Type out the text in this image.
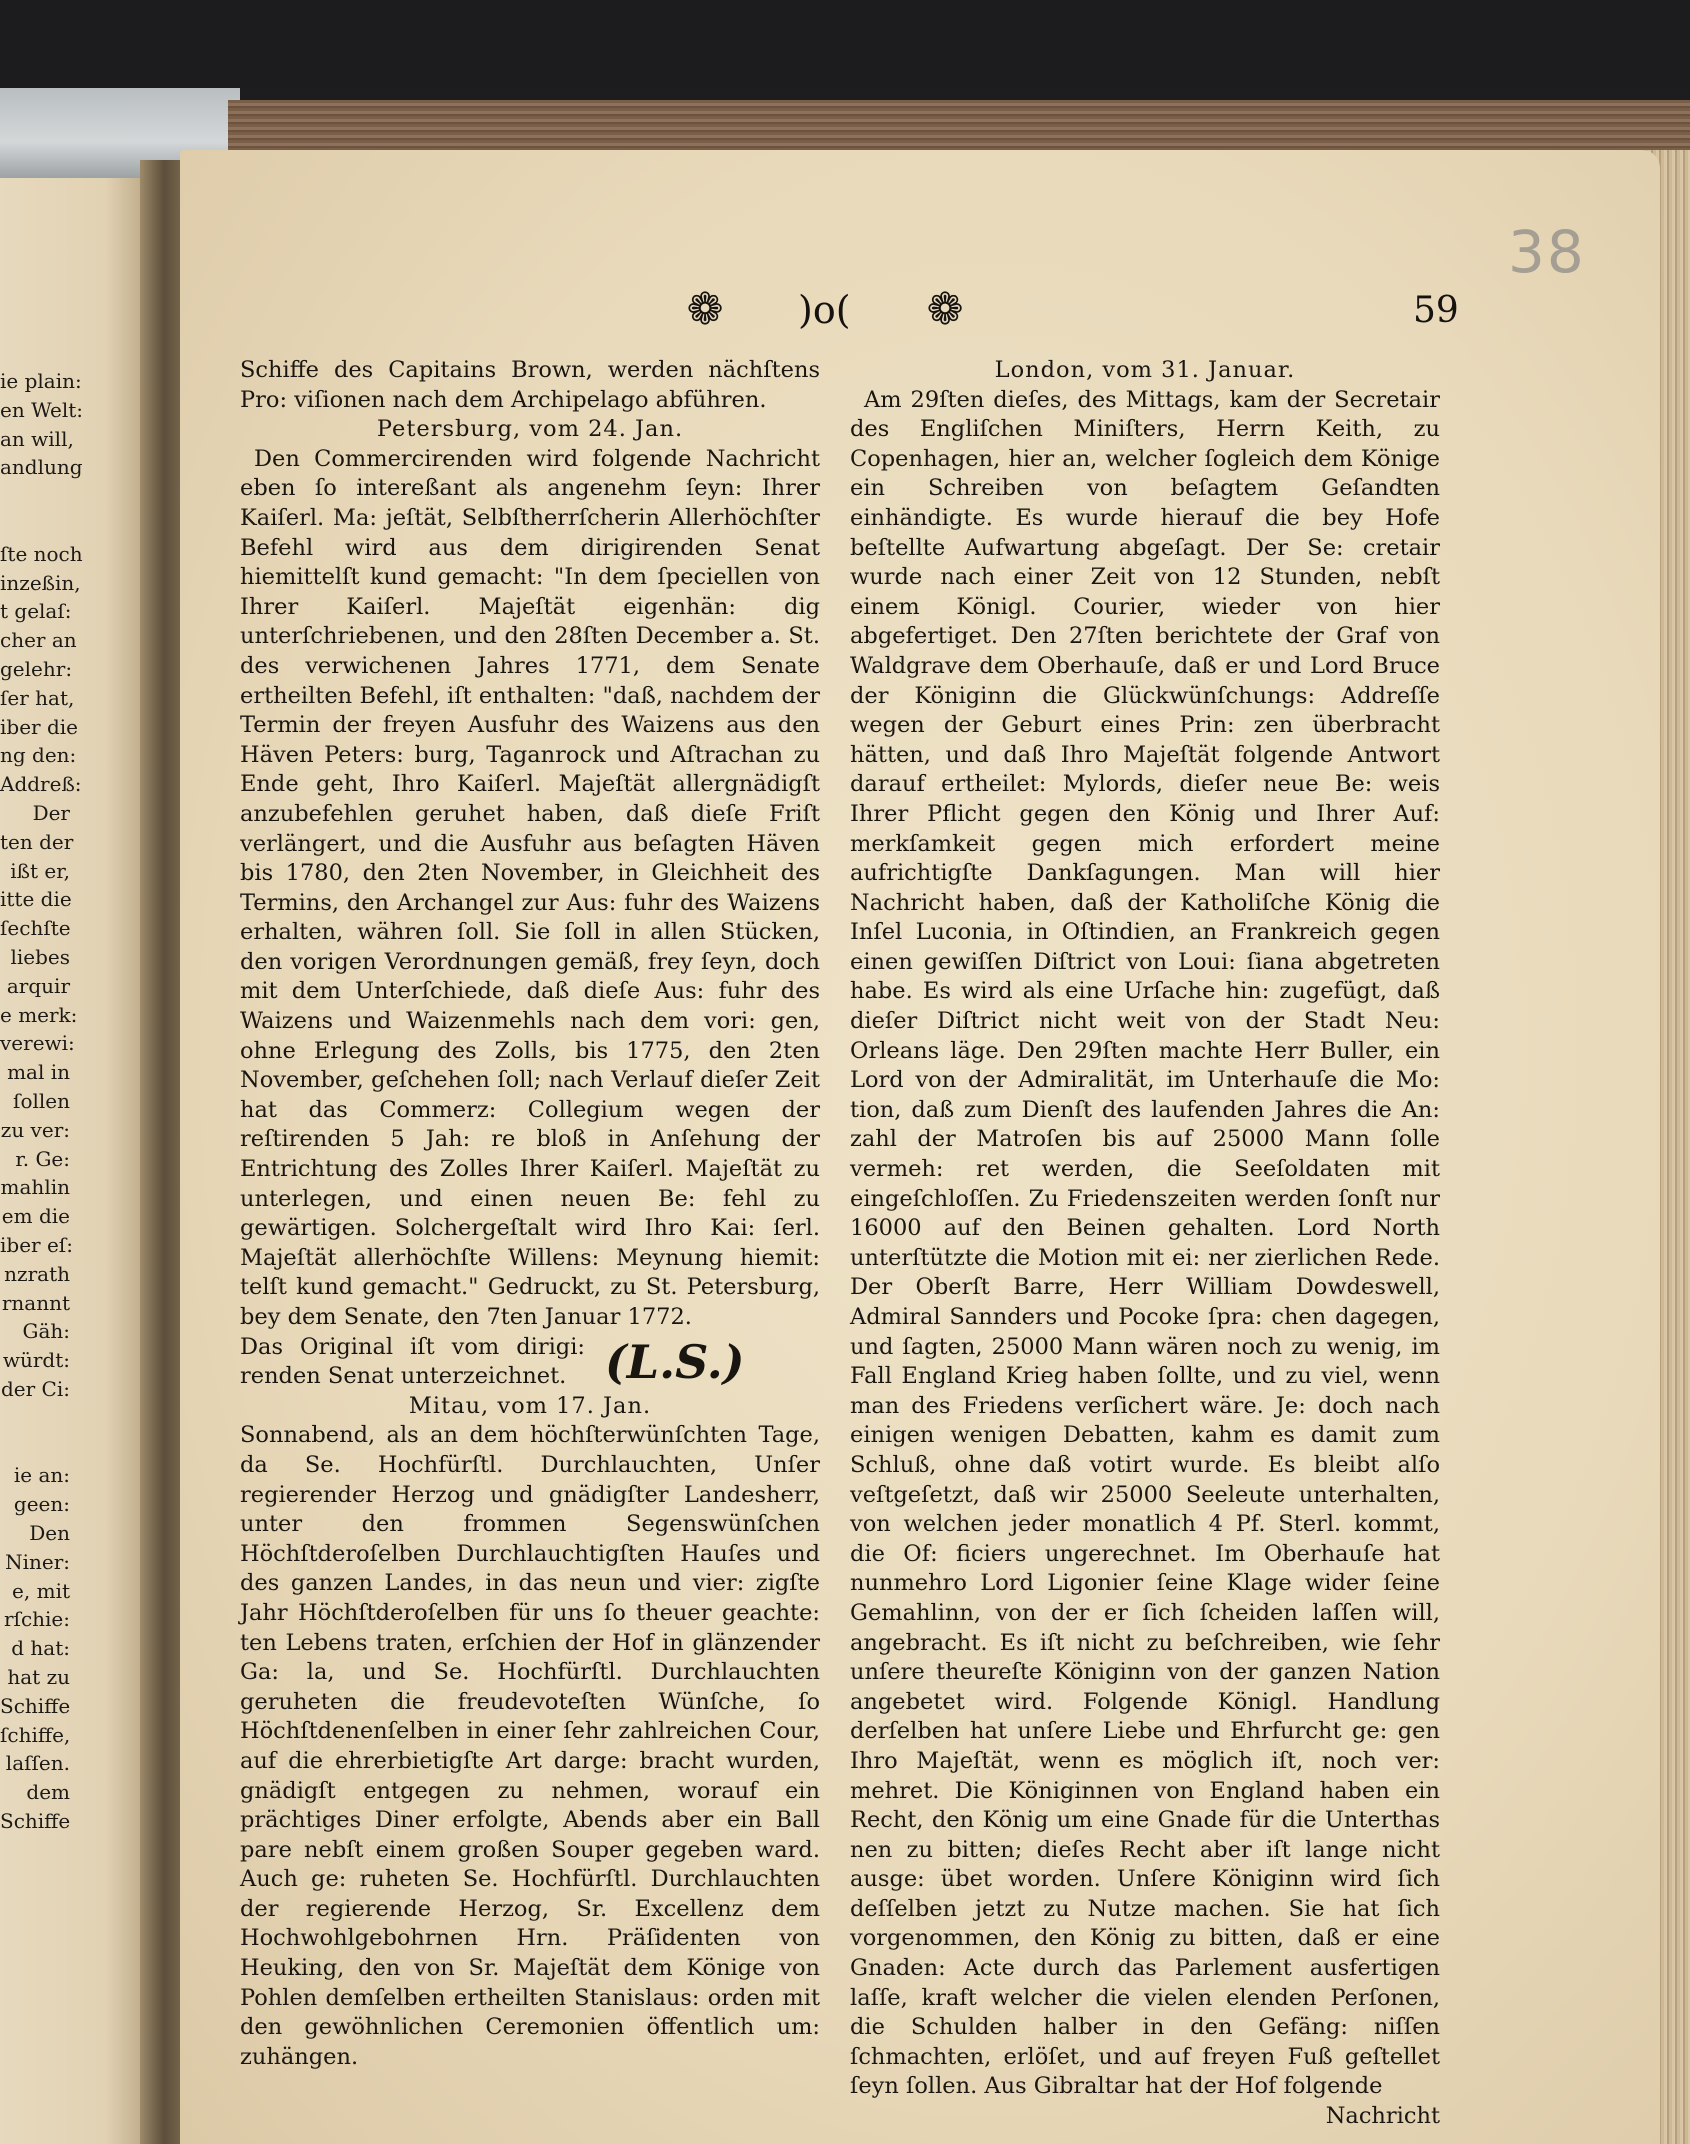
ie plain:
en Welt:
an will,
andlung
ſte noch
inzeßin,
t gelaſ:
cher an
gelehr:
ſer hat,
iber die
ng den:
Addreß:
Der
ten der
ißt er,
itte die
ſechſte
liebes
arquir
e merk:
verewi:
mal in
ſollen
zu ver:
r. Ge:
mahlin
em die
iber eſ:
nzrath
rnannt
Gäh:
würdt:
der Ci:
ie an:
geen:
Den
Niner:
e, mit
rſchie:
d hat:
hat zu
Schiffe
ſchiffe,
laſſen.
dem
Schiffe
38
❁ )o( ❁	59

Schiffe des Capitains Brown, werden nächſtens Pro: viſionen nach dem Archipelago abführen.

Petersburg, vom 24. Jan.

Den Commercirenden wird folgende Nachricht eben ſo intereßant als angenehm ſeyn: Ihrer Kaiſerl. Ma: jeſtät, Selbſtherrſcherin Allerhöchſter Befehl wird aus dem dirigirenden Senat hiemittelſt kund gemacht: "In dem ſpeciellen von Ihrer Kaiſerl. Majeſtät eigenhän: dig unterſchriebenen, und den 28ſten December a. St. des verwichenen Jahres 1771, dem Senate ertheilten Befehl, iſt enthalten: "daß, nachdem der Termin der freyen Ausfuhr des Waizens aus den Häven Peters: burg, Taganrock und Aſtrachan zu Ende geht, Ihro Kaiſerl. Majeſtät allergnädigſt anzubefehlen geruhet haben, daß dieſe Friſt verlängert, und die Ausfuhr aus beſagten Häven bis 1780, den 2ten November, in Gleichheit des Termins, den Archangel zur Aus: fuhr des Waizens erhalten, währen ſoll. Sie ſoll in allen Stücken, den vorigen Verordnungen gemäß, frey ſeyn, doch mit dem Unterſchiede, daß dieſe Aus: fuhr des Waizens und Waizenmehls nach dem vori: gen, ohne Erlegung des Zolls, bis 1775, den 2ten November, geſchehen ſoll; nach Verlauf dieſer Zeit hat das Commerz: Collegium wegen der reſtirenden 5 Jah: re bloß in Anſehung der Entrichtung des Zolles Ihrer Kaiſerl. Majeſtät zu unterlegen, und einen neuen Be: fehl zu gewärtigen. Solchergeſtalt wird Ihro Kai: ſerl. Majeſtät allerhöchſte Willens: Meynung hiemit: telſt kund gemacht." Gedruckt, zu St. Petersburg, bey dem Senate, den 7ten Januar 1772.

Das Original iſt vom dirigi: renden Senat unterzeichnet. (L.S.)

Mitau, vom 17. Jan.

Sonnabend, als an dem höchſterwünſchten Tage, da Se. Hochfürſtl. Durchlauchten, Unſer regierender Herzog und gnädigſter Landesherr, unter den frommen Segenswünſchen Höchſtderoſelben Durchlauchtigſten Hauſes und des ganzen Landes, in das neun und vier: zigſte Jahr Höchſtderoſelben für uns ſo theuer geachte: ten Lebens traten, erſchien der Hof in glänzender Ga: la, und Se. Hochfürſtl. Durchlauchten geruheten die freudevoteſten Wünſche, ſo Höchſtdenenſelben in einer ſehr zahlreichen Cour, auf die ehrerbietigſte Art darge: bracht wurden, gnädigſt entgegen zu nehmen, worauf ein prächtiges Diner erfolgte, Abends aber ein Ball pare nebſt einem großen Souper gegeben ward. Auch ge: ruheten Se. Hochfürſtl. Durchlauchten der regierende Herzog, Sr. Excellenz dem Hochwohlgebohrnen Hrn. Präſidenten von Heuking, den von Sr. Majeſtät dem Könige von Pohlen demſelben ertheilten Stanislaus: orden mit den gewöhnlichen Ceremonien öffentlich um: zuhängen.

London, vom 31. Januar.

Am 29ſten dieſes, des Mittags, kam der Secretair des Engliſchen Miniſters, Herrn Keith, zu Copenhagen, hier an, welcher ſogleich dem Könige ein Schreiben von beſagtem Geſandten einhändigte. Es wurde hierauf die bey Hofe beſtellte Aufwartung abgeſagt. Der Se: cretair wurde nach einer Zeit von 12 Stunden, nebſt einem Königl. Courier, wieder von hier abgefertiget. Den 27ſten berichtete der Graf von Waldgrave dem Oberhauſe, daß er und Lord Bruce der Königinn die Glückwünſchungs: Addreſſe wegen der Geburt eines Prin: zen überbracht hätten, und daß Ihro Majeſtät folgende Antwort darauf ertheilet: Mylords, dieſer neue Be: weis Ihrer Pflicht gegen den König und Ihrer Auf: merkſamkeit gegen mich erfordert meine aufrichtigſte Dankſagungen. Man will hier Nachricht haben, daß der Katholiſche König die Inſel Luconia, in Oſtindien, an Frankreich gegen einen gewiſſen Diſtrict von Loui: ſiana abgetreten habe. Es wird als eine Urſache hin: zugefügt, daß dieſer Diſtrict nicht weit von der Stadt Neu: Orleans läge. Den 29ſten machte Herr Buller, ein Lord von der Admiralität, im Unterhauſe die Mo: tion, daß zum Dienſt des laufenden Jahres die An: zahl der Matroſen bis auf 25000 Mann ſolle vermeh: ret werden, die Seeſoldaten mit eingeſchloſſen. Zu Friedenszeiten werden ſonſt nur 16000 auf den Beinen gehalten. Lord North unterſtützte die Motion mit ei: ner zierlichen Rede. Der Oberſt Barre, Herr William Dowdeswell, Admiral Sannders und Pocoke ſpra: chen dagegen, und ſagten, 25000 Mann wären noch zu wenig, im Fall England Krieg haben ſollte, und zu viel, wenn man des Friedens verſichert wäre. Je: doch nach einigen wenigen Debatten, kahm es damit zum Schluß, ohne daß votirt wurde. Es bleibt alſo veſtgeſetzt, daß wir 25000 Seeleute unterhalten, von welchen jeder monatlich 4 Pf. Sterl. kommt, die Of: ficiers ungerechnet. Im Oberhauſe hat nunmehro Lord Ligonier ſeine Klage wider ſeine Gemahlinn, von der er ſich ſcheiden laſſen will, angebracht. Es iſt nicht zu beſchreiben, wie ſehr unſere theureſte Königinn von der ganzen Nation angebetet wird. Folgende Königl. Handlung derſelben hat unſere Liebe und Ehrfurcht ge: gen Ihro Majeſtät, wenn es möglich iſt, noch ver: mehret. Die Königinnen von England haben ein Recht, den König um eine Gnade für die Unterthas nen zu bitten; dieſes Recht aber iſt lange nicht ausge: übet worden. Unſere Königinn wird ſich deſſelben jetzt zu Nutze machen. Sie hat ſich vorgenommen, den König zu bitten, daß er eine Gnaden: Acte durch das Parlement ausfertigen laſſe, kraft welcher die vielen elenden Perſonen, die Schulden halber in den Gefäng: niſſen ſchmachten, erlöſet, und auf freyen Fuß geſtellet ſeyn ſollen. Aus Gibraltar hat der Hof folgende

Nachricht
